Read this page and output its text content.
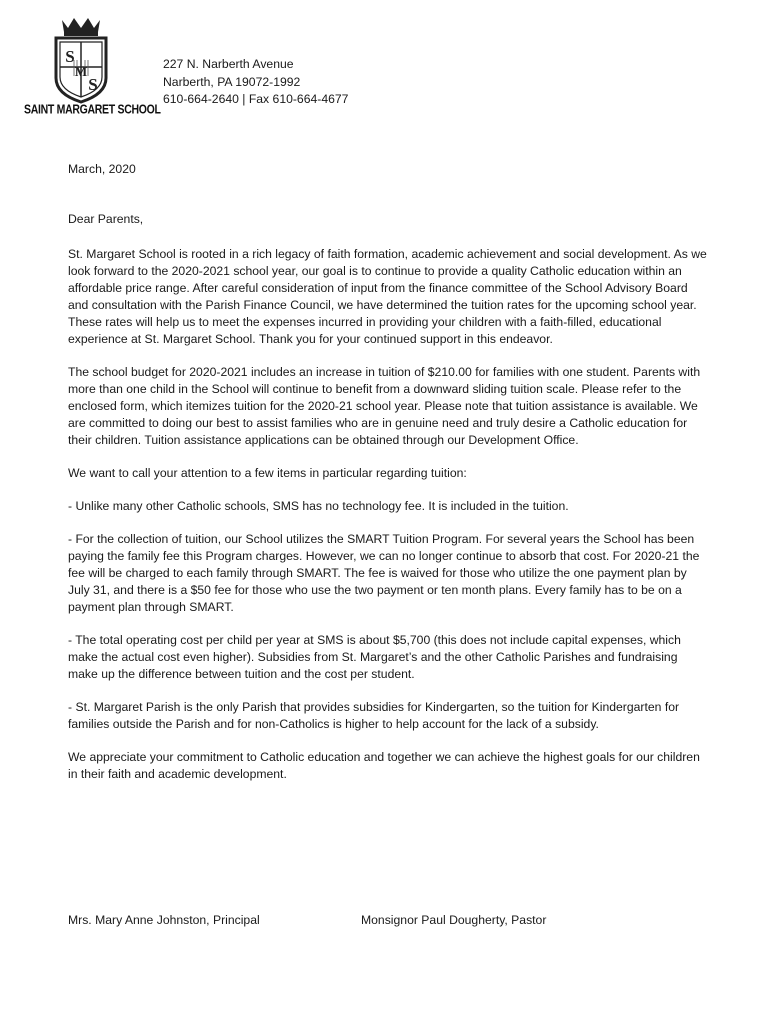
S
M
S
SAINT MARGARET SCHOOL
227 N. Narberth Avenue
Narberth, PA 19072-1992
610-664-2640 | Fax 610-664-4677
March, 2020
Dear Parents,

St. Margaret School is rooted in a rich legacy of faith formation, academic achievement and social development. As we look forward to the 2020-2021 school year, our goal is to continue to provide a quality Catholic education within an affordable price range. After careful consideration of input from the finance committee of the School Advisory Board and consultation with the Parish Finance Council, we have determined the tuition rates for the upcoming school year. These rates will help us to meet the expenses incurred in providing your children with a faith-filled, educational experience at St. Margaret School. Thank you for your continued support in this endeavor.

The school budget for 2020-2021 includes an increase in tuition of $210.00 for families with one student. Parents with more than one child in the School will continue to benefit from a downward sliding tuition scale. Please refer to the enclosed form, which itemizes tuition for the 2020-21 school year. Please note that tuition assistance is available. We are committed to doing our best to assist families who are in genuine need and truly desire a Catholic education for their children. Tuition assistance applications can be obtained through our Development Office.

We want to call your attention to a few items in particular regarding tuition:

- Unlike many other Catholic schools, SMS has no technology fee. It is included in the tuition.

- For the collection of tuition, our School utilizes the SMART Tuition Program. For several years the School has been paying the family fee this Program charges. However, we can no longer continue to absorb that cost. For 2020-21 the fee will be charged to each family through SMART. The fee is waived for those who utilize the one payment plan by July 31, and there is a $50 fee for those who use the two payment or ten month plans. Every family has to be on a payment plan through SMART.

- The total operating cost per child per year at SMS is about $5,700 (this does not include capital expenses, which make the actual cost even higher). Subsidies from St. Margaret’s and the other Catholic Parishes and fundraising make up the difference between tuition and the cost per student.

- St. Margaret Parish is the only Parish that provides subsidies for Kindergarten, so the tuition for Kindergarten for families outside the Parish and for non-Catholics is higher to help account for the lack of a subsidy.

We appreciate your commitment to Catholic education and together we can achieve the highest goals for our children in their faith and academic development.

Mrs. Mary Anne Johnston, Principal	Monsignor Paul Dougherty, Pastor
